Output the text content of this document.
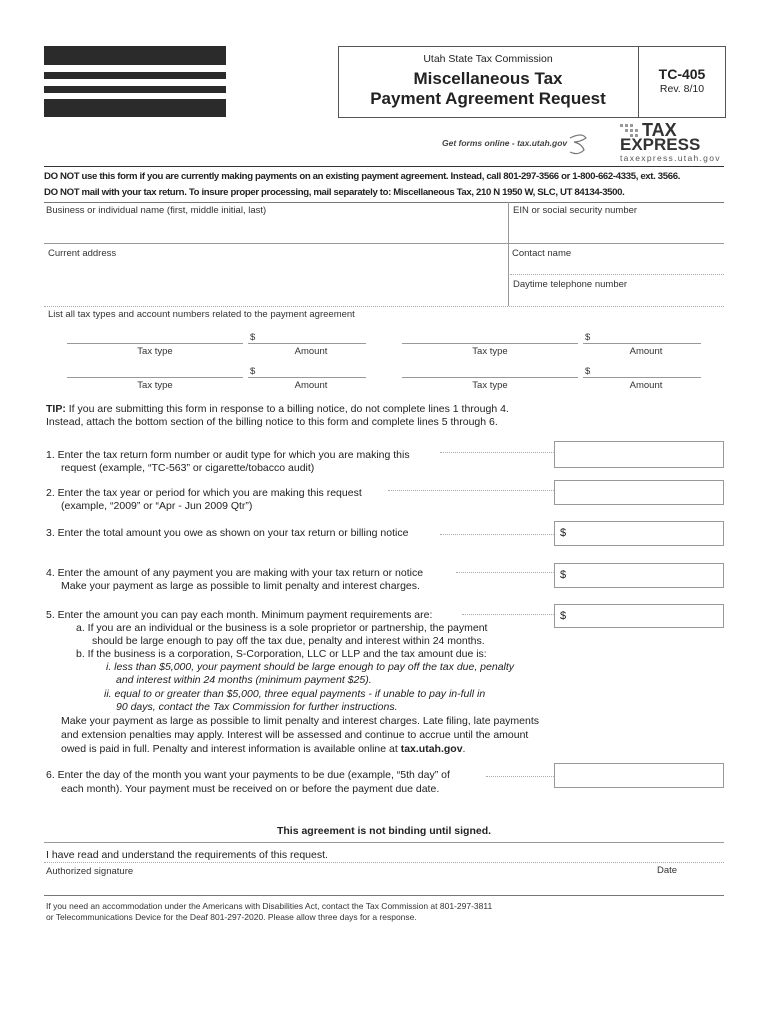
Utah State Tax Commission
Miscellaneous Tax
Payment Agreement Request
TC-405
Rev. 8/10
Get forms online - tax.utah.gov
TAX
EXPRESS
taxexpress.utah.gov
DO NOT use this form if you are currently making payments on an existing payment agreement. Instead, call 801-297-3566 or 1-800-662-4335, ext. 3566.
DO NOT mail with your tax return. To insure proper processing, mail separately to: Miscellaneous Tax, 210 N 1950 W, SLC, UT 84134-3500.
Business or individual name (first, middle initial, last)	EIN or social security number
Current address	Contact name
Daytime telephone number
List all tax types and account numbers related to the payment agreement
$	$
Tax type	Amount	Tax type	Amount
$	$
Tax type	Amount	Tax type	Amount
TIP: If you are submitting this form in response to a billing notice, do not complete lines 1 through 4.
Instead, attach the bottom section of the billing notice to this form and complete lines 5 through 6.
1. Enter the tax return form number or audit type for which you are making this
request (example, “TC-563” or cigarette/tobacco audit)
2. Enter the tax year or period for which you are making this request
(example, “2009” or “Apr - Jun 2009 Qtr”)
3. Enter the total amount you owe as shown on your tax return or billing notice	$
4. Enter the amount of any payment you are making with your tax return or notice
Make your payment as large as possible to limit penalty and interest charges.
$
5. Enter the amount you can pay each month. Minimum payment requirements are:	$
a. If you are an individual or the business is a sole proprietor or partnership, the payment
should be large enough to pay off the tax due, penalty and interest within 24 months.
b. If the business is a corporation, S-Corporation, LLC or LLP and the tax amount due is:
i. less than $5,000, your payment should be large enough to pay off the tax due, penalty
and interest within 24 months (minimum payment $25).
ii. equal to or greater than $5,000, three equal payments - if unable to pay in-full in
90 days, contact the Tax Commission for further instructions.
Make your payment as large as possible to limit penalty and interest charges. Late filing, late payments
and extension penalties may apply. Interest will be assessed and continue to accrue until the amount
owed is paid in full. Penalty and interest information is available online at tax.utah.gov.
6. Enter the day of the month you want your payments to be due (example, “5th day” of
each month). Your payment must be received on or before the payment due date.
This agreement is not binding until signed.
I have read and understand the requirements of this request.
Authorized signature	Date
If you need an accommodation under the Americans with Disabilities Act, contact the Tax Commission at 801-297-3811
or Telecommunications Device for the Deaf 801-297-2020. Please allow three days for a response.
